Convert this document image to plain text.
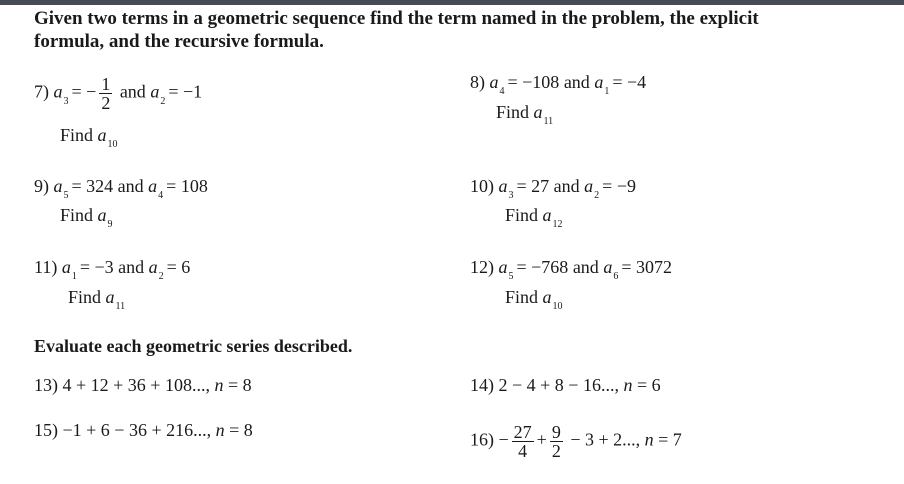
Given two terms in a geometric sequence find the term named in the problem, the explicit
formula, and the recursive formula.
7) $a_3$ = − $\frac{1}{2}$ and $a_2 = -1$
Find $a_{10}$
8) $a_4 = -108$ and $a_1 = -4$
Find $a_{11}$
9) $a_5 = 324$ and $a_4 = 108$
Find $a_9$
10) $a_3 = 27$ and $a_2 = -9$
Find $a_{12}$
11) $a_1 = -3$ and $a_2 = 6$
Find $a_{11}$
12) $a_5 = -768$ and $a_6 = 3072$
Find $a_{10}$
Evaluate each geometric series described.
13) 4 + 12 + 36 + 108..., n = 8	14) 2 − 4 + 8 − 16..., n = 6
15) −1 + 6 − 36 + 216..., n = 8	$16) - \frac{27}{4} + \frac{9}{2} - 3 + 2$..., n = 7
